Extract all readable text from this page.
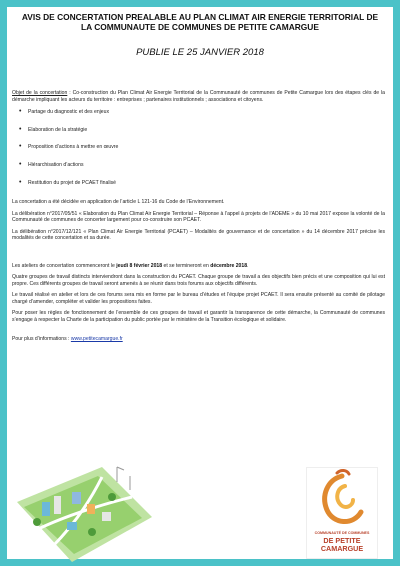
AVIS DE CONCERTATION PREALABLE AU PLAN CLIMAT AIR ENERGIE TERRITORIAL DE LA COMMUNAUTE DE COMMUNES DE PETITE CAMARGUE
PUBLIE LE 25 JANVIER 2018

Objet de la concertation : Co-construction du Plan Climat Air Energie Territorial de la Communauté de communes de Petite Camargue lors des étapes clés de la démarche impliquant les acteurs du territoire : entreprises ; partenaires institutionnels ; associations et citoyens.

• Partage du diagnostic et des enjeux
• Elaboration de la stratégie
• Proposition d’actions à mettre en œuvre
• Hiérarchisation d’actions
• Restitution du projet de PCAET finalisé

La concertation a été décidée en application de l’article L 121-16 du Code de l’Environnement.

La délibération n°2017/05/51 « Elaboration du Plan Climat Air Energie Territorial – Réponse à l’appel à projets de l’ADEME » du 10 mai 2017 expose la volonté de la Communauté de communes de concerter largement pour co-construire son PCAET.

La délibération n°2017/12/121 « Plan Climat Air Energie Territorial (PCAET) – Modalités de gouvernance et de concertation » du 14 décembre 2017 précise les modalités de cette concertation et sa durée.

Les ateliers de concertation commenceront le jeudi 8 février 2018 et se termineront en décembre 2018.

Quatre groupes de travail distincts interviendront dans la construction du PCAET. Chaque groupe de travail a des objectifs bien précis et une composition qui lui est propre. Ces différents groupes de travail seront amenés à se réunir dans trois forums aux objectifs différents.

Le travail réalisé en atelier et lors de ces forums sera mis en forme par le bureau d’études et l’équipe projet PCAET. Il sera ensuite présenté au comité de pilotage chargé d’amender, compléter et valider les propositions faites.

Pour poser les règles de fonctionnement de l’ensemble de ces groupes de travail et garantir la transparence de cette démarche, la Communauté de communes s’engage à respecter la Charte de la participation du public portée par le ministère de la Transition écologique et solidaire.

Pour plus d’informations : www.petitecamargue.fr

COMMUNAUTÉ DE COMMUNES
DE PETITE
CAMARGUE
